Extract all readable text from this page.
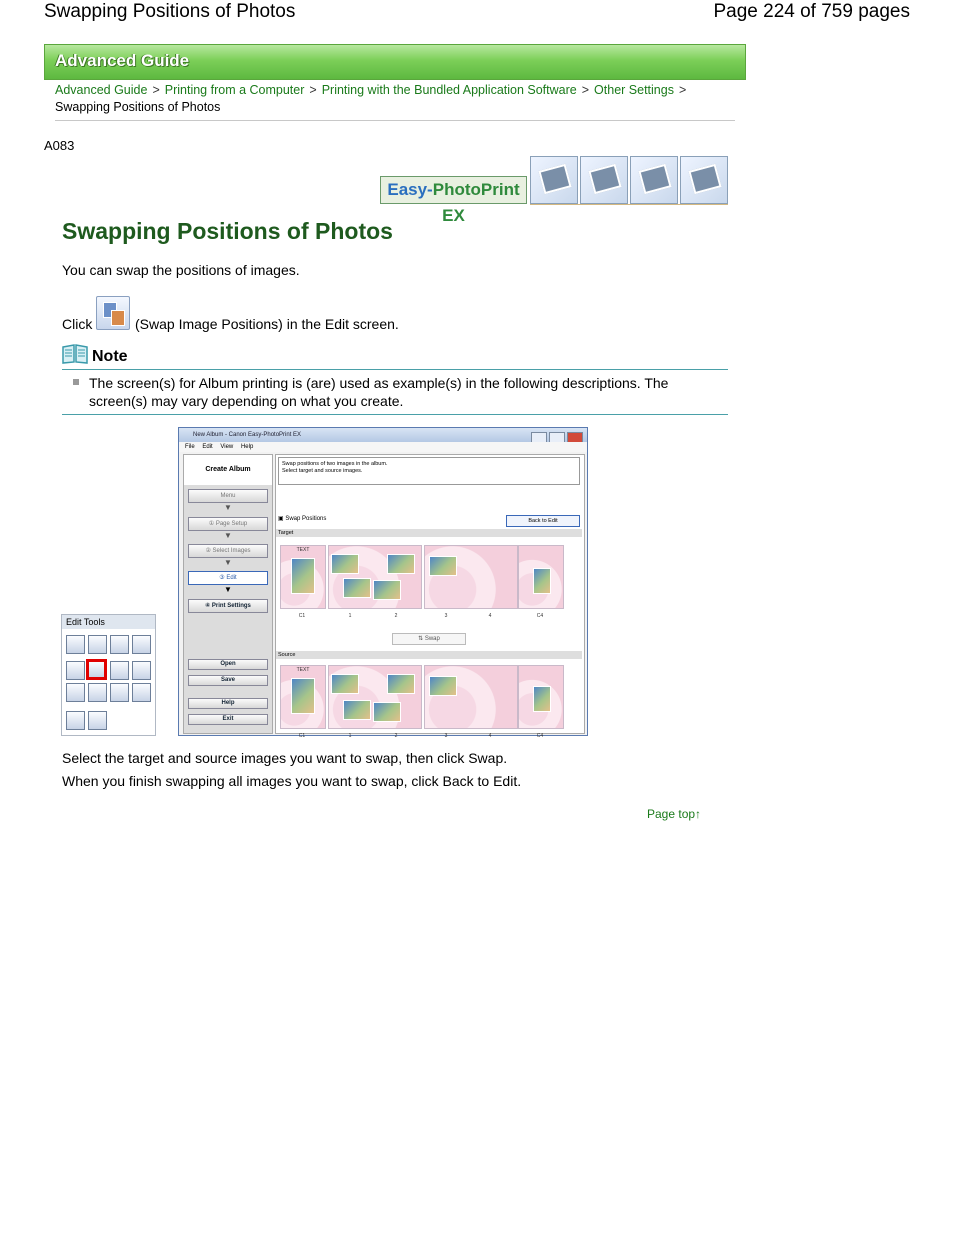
Swapping Positions of Photos	Page 224 of 759 pages
Advanced Guide
Advanced Guide > Printing from a Computer > Printing with the Bundled Application Software > Other Settings >
Swapping Positions of Photos
A083
Easy-PhotoPrint EX
Swapping Positions of Photos
You can swap the positions of images.
Click	(Swap Image Positions) in the Edit screen.
Note
The screen(s) for Album printing is (are) used as example(s) in the following descriptions. The screen(s) may vary depending on what you create.
Edit Tools
New Album - Canon Easy-PhotoPrint EX
File Edit View Help
Create Album
Menu
▼
① Page Setup
▼
② Select Images
▼
③ Edit
▼
④ Print Settings
Open
Save
Help
Exit
Swap positions of two images in the album.
Select target and source images.
▣ Swap Positions	Back to Edit
Target
TEXT
C1	1	2	3	4	C4
⇅ Swap
Source
TEXT
C1	1	2	3	4	C4
Select the target and source images you want to swap, then click Swap.
When you finish swapping all images you want to swap, click Back to Edit.
Page top↑
